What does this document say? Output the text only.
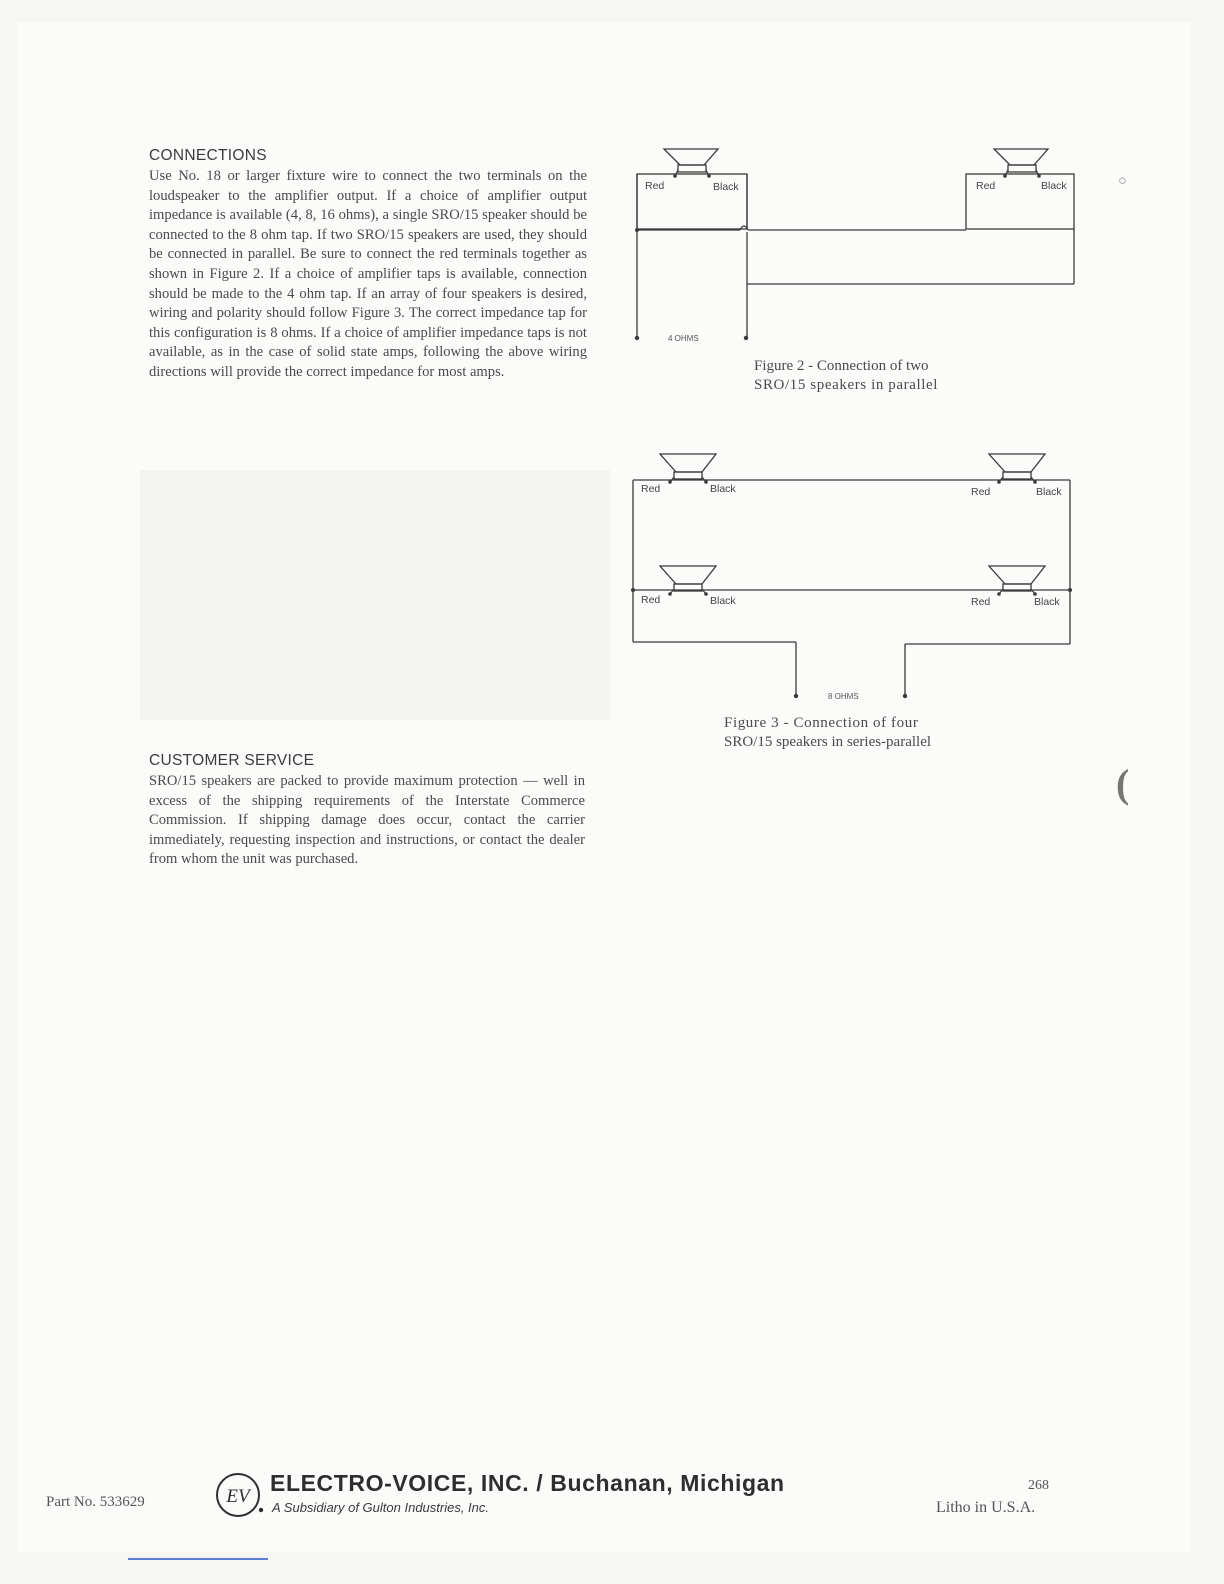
CONNECTIONS
Use No. 18 or larger fixture wire to connect the two terminals on the loudspeaker to the amplifier output. If a choice of amplifier output impedance is available (4, 8, 16 ohms), a single SRO/15 speaker should be connected to the 8 ohm tap. If two SRO/15 speakers are used, they should be connected in parallel. Be sure to connect the red terminals together as shown in Figure 2. If a choice of amplifier taps is available, connection should be made to the 4 ohm tap. If an array of four speakers is desired, wiring and polarity should follow Figure 3. The correct impedance tap for this configuration is 8 ohms. If a choice of amplifier impedance taps is not available, as in the case of solid state amps, following the above wiring directions will provide the correct impedance for most amps.
CUSTOMER SERVICE
SRO/15 speakers are packed to provide maximum protection — well in excess of the shipping requirements of the Interstate Commerce Commission. If shipping damage does occur, contact the carrier immediately, requesting inspection and instructions, or contact the dealer from whom the unit was purchased.
Red	Black	Red	Black
4 OHMS
Figure 2 - Connection of two
SRO/15 speakers in parallel
Red	Black	Red	Black
Red	Black	Red	Black
8 OHMS
Figure 3 - Connection of four
SRO/15 speakers in series-parallel
°
(
Part No. 533629	EV
ELECTRO-VOICE, INC. / Buchanan, Michigan
A Subsidiary of Gulton Industries, Inc.
268
Litho in U.S.A.
